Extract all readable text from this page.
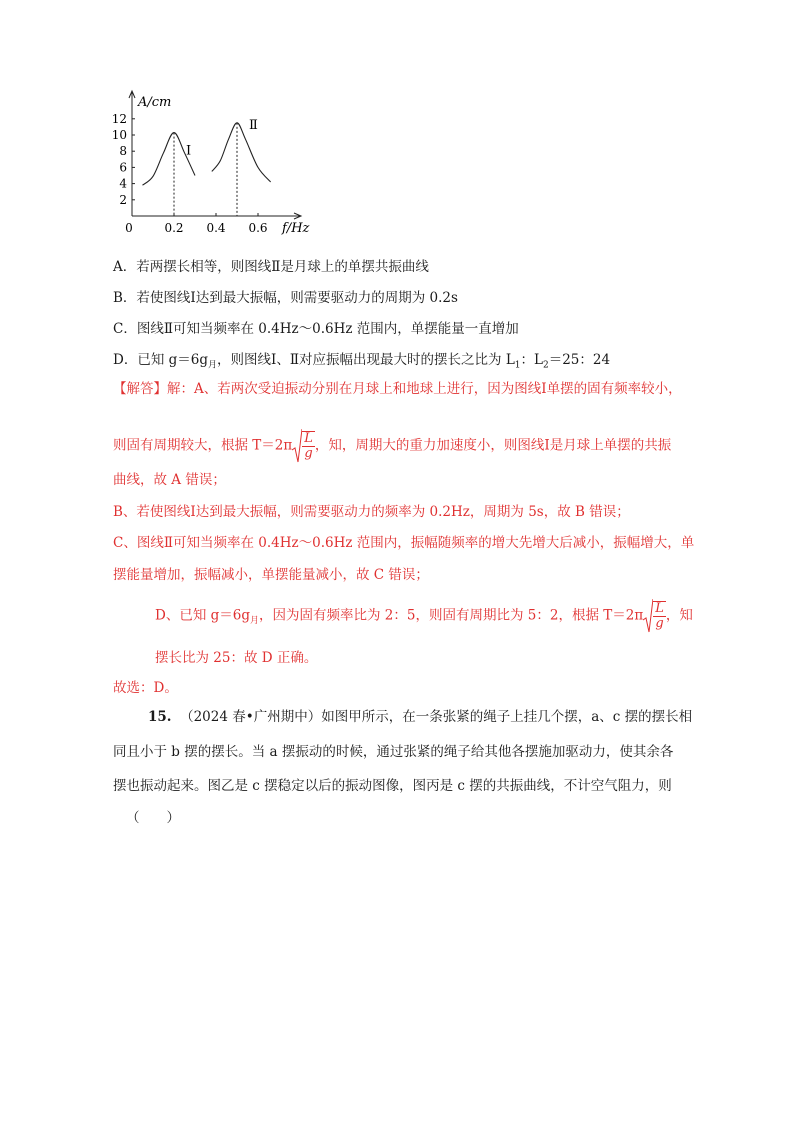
2
4
6
8
10
12
0	0.2 0.4 0.6
Ⅰ
Ⅱ
A/cm
f/Hz
A．若两摆长相等，则图线Ⅱ是月球上的单摆共振曲线
B．若使图线Ⅰ达到最大振幅，则需要驱动力的周期为 0.2s
C．图线Ⅱ可知当频率在 0.4Hz～0.6Hz 范围内，单摆能量一直增加
D．已知 $g=6g_月$，则图线Ⅰ、Ⅱ对应振幅出现最大时的摆长之比为 $L_1$：$L_2=25$：24
【解答】解：A、若两次受迫振动分别在月球上和地球上进行，因为图线Ⅰ单摆的固有频率较小，
则固有周期较大，根据 $T=2\pi \frac{L}{g}$ ，知，周期大的重力加速度小，则图线Ⅰ是月球上单摆的共振
曲线，故 A 错误；
B、若使图线Ⅰ达到最大振幅，则需要驱动力的频率为 0.2Hz，周期为 5s，故 B 错误；
C、图线Ⅱ可知当频率在 0.4Hz～0.6Hz 范围内，振幅随频率的增大先增大后减小，振幅增大，单
摆能量增加，振幅减小，单摆能量减小，故 C 错误；
D、已知 $g=6g_月$，因为固有频率比为 2：5，则固有周期比为 5：2，根据 $T=2\pi \frac{L}{g}$ ，知
摆长比为 25：故 D 正确。
故选：D。
15. （2024 春•广州期中）如图甲所示，在一条张紧的绳子上挂几个摆，a、c 摆的摆长相
同且小于 b 摆的摆长。当 a 摆振动的时候，通过张紧的绳子给其他各摆施加驱动力，使其余各
摆也振动起来。图乙是 c 摆稳定以后的振动图像，图丙是 c 摆的共振曲线，不计空气阻力，则
（　　）
